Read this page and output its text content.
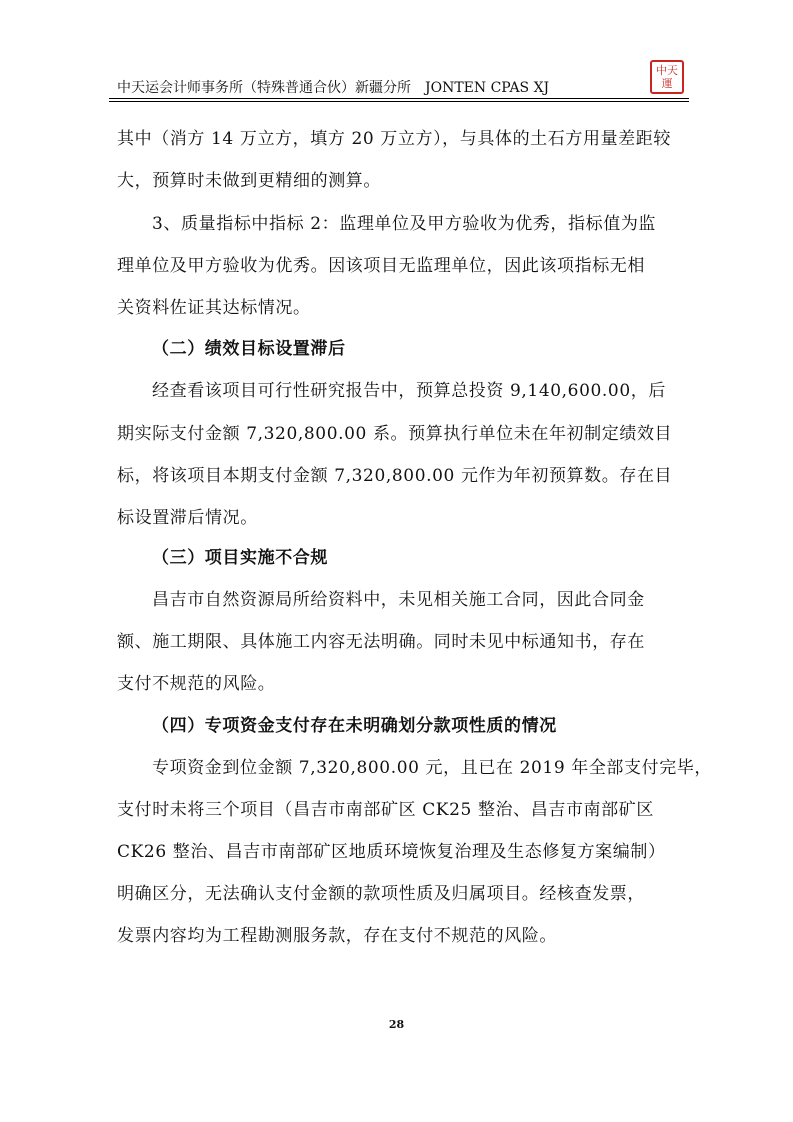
中天运会计师事务所（特殊普通合伙）新疆分所　JONTEN CPAS XJ
中天
運
其中（消方 14 万立方，填方 20 万立方），与具体的土石方用量差距较
大，预算时未做到更精细的测算。
3、质量指标中指标 2：监理单位及甲方验收为优秀，指标值为监
理单位及甲方验收为优秀。因该项目无监理单位，因此该项指标无相
关资料佐证其达标情况。
（二）绩效目标设置滞后
经查看该项目可行性研究报告中，预算总投资 9,140,600.00，后
期实际支付金额 7,320,800.00 系。预算执行单位未在年初制定绩效目
标，将该项目本期支付金额 7,320,800.00 元作为年初预算数。存在目
标设置滞后情况。
（三）项目实施不合规
昌吉市自然资源局所给资料中，未见相关施工合同，因此合同金
额、施工期限、具体施工内容无法明确。同时未见中标通知书，存在
支付不规范的风险。
（四）专项资金支付存在未明确划分款项性质的情况
专项资金到位金额 7,320,800.00 元，且已在 2019 年全部支付完毕，
支付时未将三个项目（昌吉市南部矿区 CK25 整治、昌吉市南部矿区
CK26 整治、昌吉市南部矿区地质环境恢复治理及生态修复方案编制）
明确区分，无法确认支付金额的款项性质及归属项目。经核查发票，
发票内容均为工程勘测服务款，存在支付不规范的风险。
28
